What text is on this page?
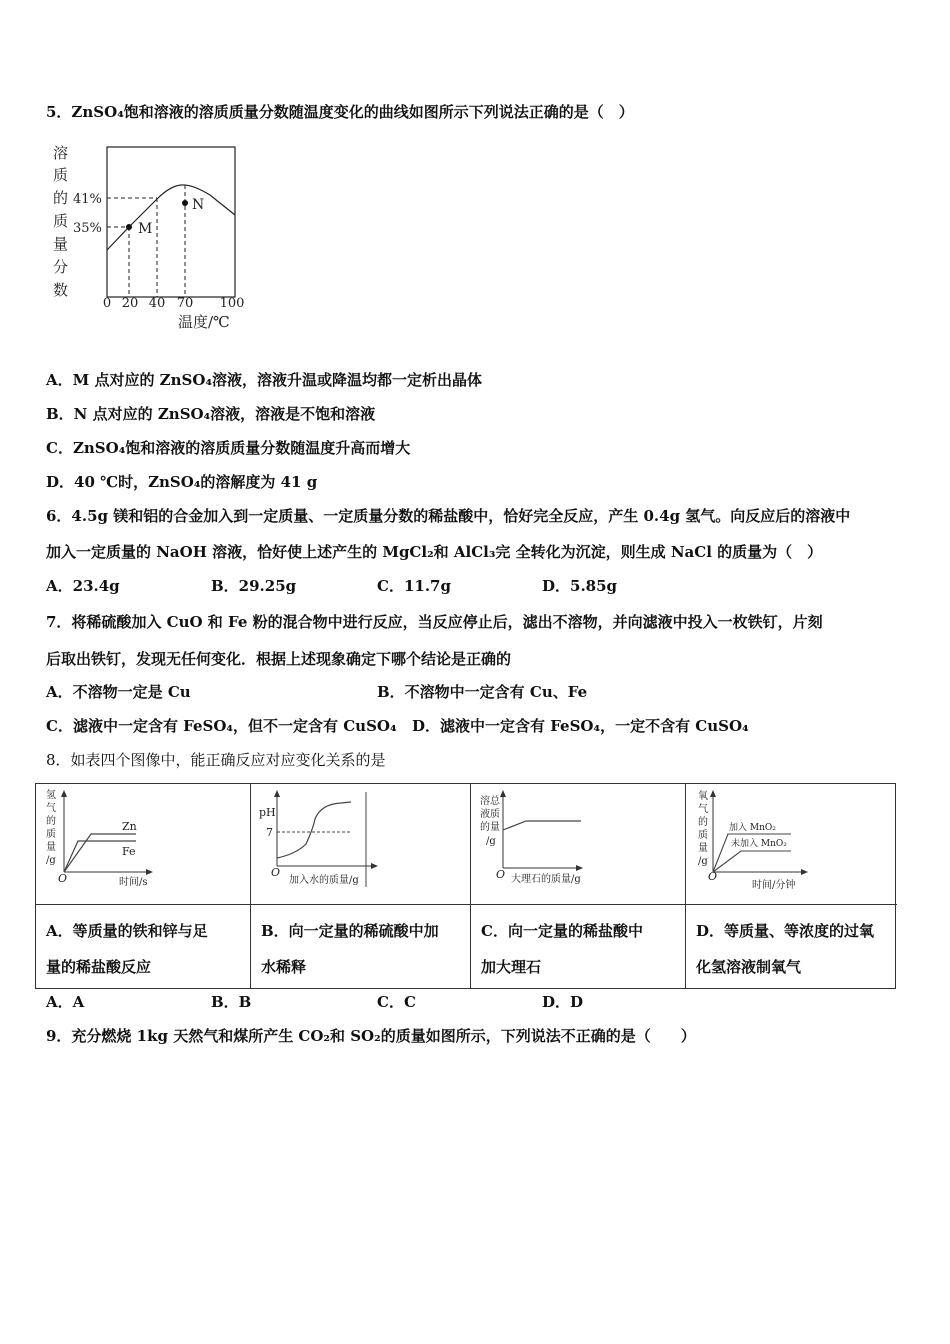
5．ZnSO₄饱和溶液的溶质质量分数随温度变化的曲线如图所示下列说法正确的是（　）
溶
质
的
质
量
分
数
M
N
41%
35%
0 20 40 70 100
温度/℃
A．M 点对应的 ZnSO₄溶液，溶液升温或降温均都一定析出晶体
B．N 点对应的 ZnSO₄溶液，溶液是不饱和溶液
C．ZnSO₄饱和溶液的溶质质量分数随温度升高而增大
D．40 ℃时，ZnSO₄的溶解度为 41 g
6．4.5g 镁和铝的合金加入到一定质量、一定质量分数的稀盐酸中，恰好完全反应，产生 0.4g 氢气。向反应后的溶液中
加入一定质量的 NaOH 溶液，恰好使上述产生的 MgCl₂和 AlCl₃完 全转化为沉淀，则生成 NaCl 的质量为（　）
A．23.4g	B．29.25g	C．11.7g	D．5.85g
7．将稀硫酸加入 CuO 和 Fe 粉的混合物中进行反应，当反应停止后，滤出不溶物，并向滤液中投入一枚铁钉，片刻
后取出铁钉，发现无任何变化．根据上述现象确定下哪个结论是正确的
A．不溶物一定是 Cu	B．不溶物中一定含有 Cu、Fe
C．滤液中一定含有 FeSO₄，但不一定含有 CuSO₄ D．滤液中一定含有 FeSO₄，一定不含有 CuSO₄
8．如表四个图像中，能正确反应对应变化关系的是
氢
气
的
质
量
/g
Zn
Fe
O	时间/s
A．等质量的铁和锌与足
量的稀盐酸反应
pH
7
O
加入水的质量/g
B．向一定量的稀硫酸中加
水稀释
溶总
液质
的量
/g
O 大理石的质量/g
C．向一定量的稀盐酸中
加大理石
氧
气
的
质
量
/g
加入 MnO₂
未加入 MnO₂
O
时间/分钟
D．等质量、等浓度的过氧
化氢溶液制氧气
A．A	B．B	C．C	D．D
9．充分燃烧 1kg 天然气和煤所产生 CO₂和 SO₂的质量如图所示，下列说法不正确的是（　　）
